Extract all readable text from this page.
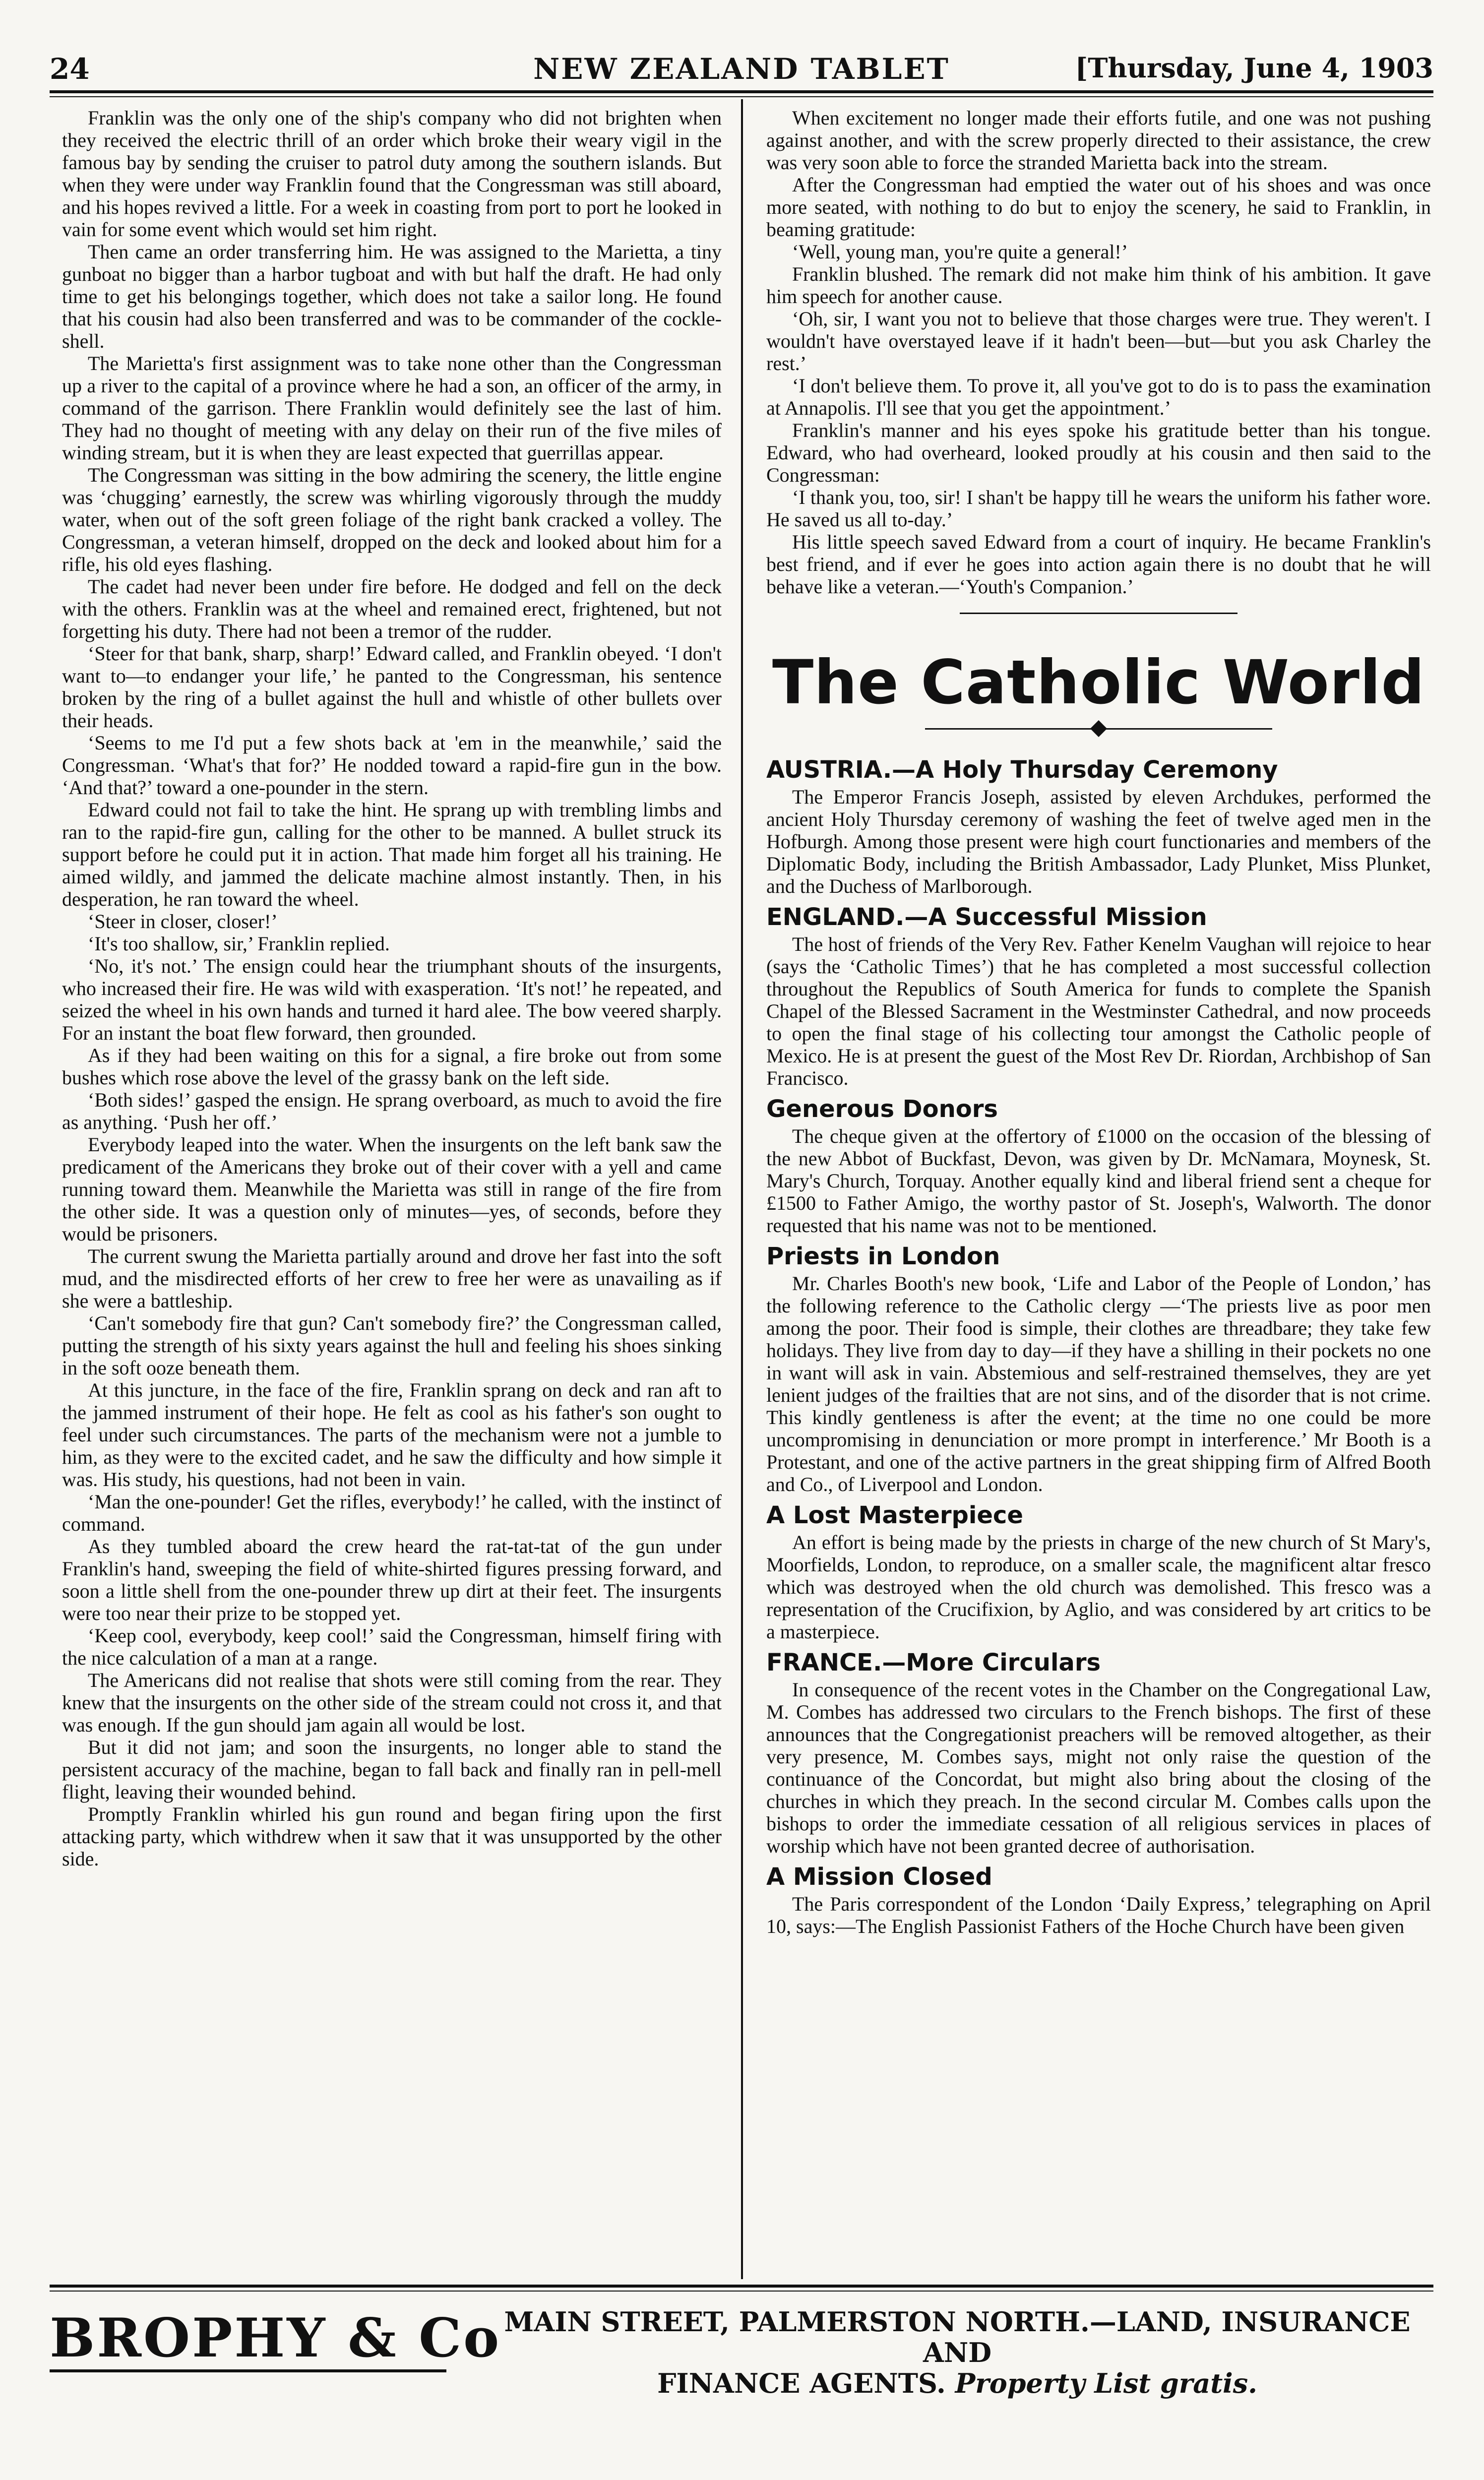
24	NEW ZEALAND TABLET	[Thursday, June 4, 1903

Franklin was the only one of the ship's company who did not brighten when they received the electric thrill of an order which broke their weary vigil in the famous bay by sending the cruiser to patrol duty among the southern islands. But when they were under way Franklin found that the Congressman was still aboard, and his hopes revived a little. For a week in coasting from port to port he looked in vain for some event which would set him right.

Then came an order transferring him. He was assigned to the Marietta, a tiny gunboat no bigger than a harbor tugboat and with but half the draft. He had only time to get his belongings together, which does not take a sailor long. He found that his cousin had also been transferred and was to be commander of the cockle-shell.

The Marietta's first assignment was to take none other than the Congressman up a river to the capital of a province where he had a son, an officer of the army, in command of the garrison. There Franklin would definitely see the last of him. They had no thought of meeting with any delay on their run of the five miles of winding stream, but it is when they are least expected that guerrillas appear.

The Congressman was sitting in the bow admiring the scenery, the little engine was ‘chugging’ earnestly, the screw was whirling vigorously through the muddy water, when out of the soft green foliage of the right bank cracked a volley. The Congressman, a veteran himself, dropped on the deck and looked about him for a rifle, his old eyes flashing.

The cadet had never been under fire before. He dodged and fell on the deck with the others. Franklin was at the wheel and remained erect, frightened, but not forgetting his duty. There had not been a tremor of the rudder.

‘Steer for that bank, sharp, sharp!’ Edward called, and Franklin obeyed. ‘I don't want to—to endanger your life,’ he panted to the Congressman, his sentence broken by the ring of a bullet against the hull and whistle of other bullets over their heads.

‘Seems to me I'd put a few shots back at 'em in the meanwhile,’ said the Congressman. ‘What's that for?’ He nodded toward a rapid-fire gun in the bow. ‘And that?’ toward a one-pounder in the stern.

Edward could not fail to take the hint. He sprang up with trembling limbs and ran to the rapid-fire gun, calling for the other to be manned. A bullet struck its support before he could put it in action. That made him forget all his training. He aimed wildly, and jammed the delicate machine almost instantly. Then, in his desperation, he ran toward the wheel.

‘Steer in closer, closer!’

‘It's too shallow, sir,’ Franklin replied.

‘No, it's not.’ The ensign could hear the triumphant shouts of the insurgents, who increased their fire. He was wild with exasperation. ‘It's not!’ he repeated, and seized the wheel in his own hands and turned it hard alee. The bow veered sharply. For an instant the boat flew forward, then grounded.

As if they had been waiting on this for a signal, a fire broke out from some bushes which rose above the level of the grassy bank on the left side.

‘Both sides!’ gasped the ensign. He sprang overboard, as much to avoid the fire as anything. ‘Push her off.’

Everybody leaped into the water. When the insurgents on the left bank saw the predicament of the Americans they broke out of their cover with a yell and came running toward them. Meanwhile the Marietta was still in range of the fire from the other side. It was a question only of minutes—yes, of seconds, before they would be prisoners.

The current swung the Marietta partially around and drove her fast into the soft mud, and the misdirected efforts of her crew to free her were as unavailing as if she were a battleship.

‘Can't somebody fire that gun? Can't somebody fire?’ the Congressman called, putting the strength of his sixty years against the hull and feeling his shoes sinking in the soft ooze beneath them.

At this juncture, in the face of the fire, Franklin sprang on deck and ran aft to the jammed instrument of their hope. He felt as cool as his father's son ought to feel under such circumstances. The parts of the mechanism were not a jumble to him, as they were to the excited cadet, and he saw the difficulty and how simple it was. His study, his questions, had not been in vain.

‘Man the one-pounder! Get the rifles, everybody!’ he called, with the instinct of command.

As they tumbled aboard the crew heard the rat-tat-tat of the gun under Franklin's hand, sweeping the field of white-shirted figures pressing forward, and soon a little shell from the one-pounder threw up dirt at their feet. The insurgents were too near their prize to be stopped yet.

‘Keep cool, everybody, keep cool!’ said the Congressman, himself firing with the nice calculation of a man at a range.

The Americans did not realise that shots were still coming from the rear. They knew that the insurgents on the other side of the stream could not cross it, and that was enough. If the gun should jam again all would be lost.

But it did not jam; and soon the insurgents, no longer able to stand the persistent accuracy of the machine, began to fall back and finally ran in pell-mell flight, leaving their wounded behind.

Promptly Franklin whirled his gun round and began firing upon the first attacking party, which withdrew when it saw that it was unsupported by the other side.

When excitement no longer made their efforts futile, and one was not pushing against another, and with the screw properly directed to their assistance, the crew was very soon able to force the stranded Marietta back into the stream.

After the Congressman had emptied the water out of his shoes and was once more seated, with nothing to do but to enjoy the scenery, he said to Franklin, in beaming gratitude:

‘Well, young man, you're quite a general!’

Franklin blushed. The remark did not make him think of his ambition. It gave him speech for another cause.

‘Oh, sir, I want you not to believe that those charges were true. They weren't. I wouldn't have overstayed leave if it hadn't been—but—but you ask Charley the rest.’

‘I don't believe them. To prove it, all you've got to do is to pass the examination at Annapolis. I'll see that you get the appointment.’

Franklin's manner and his eyes spoke his gratitude better than his tongue. Edward, who had overheard, looked proudly at his cousin and then said to the Congressman:

‘I thank you, too, sir! I shan't be happy till he wears the uniform his father wore. He saved us all to-day.’

His little speech saved Edward from a court of inquiry. He became Franklin's best friend, and if ever he goes into action again there is no doubt that he will behave like a veteran.—‘Youth's Companion.’

The Catholic World
AUSTRIA.—A Holy Thursday Ceremony

The Emperor Francis Joseph, assisted by eleven Archdukes, performed the ancient Holy Thursday ceremony of washing the feet of twelve aged men in the Hofburgh. Among those present were high court functionaries and members of the Diplomatic Body, including the British Ambassador, Lady Plunket, Miss Plunket, and the Duchess of Marlborough.

ENGLAND.—A Successful Mission

The host of friends of the Very Rev. Father Kenelm Vaughan will rejoice to hear (says the ‘Catholic Times’) that he has completed a most successful collection throughout the Republics of South America for funds to complete the Spanish Chapel of the Blessed Sacrament in the Westminster Cathedral, and now proceeds to open the final stage of his collecting tour amongst the Catholic people of Mexico. He is at present the guest of the Most Rev Dr. Riordan, Archbishop of San Francisco.

Generous Donors

The cheque given at the offertory of £1000 on the occasion of the blessing of the new Abbot of Buckfast, Devon, was given by Dr. McNamara, Moynesk, St. Mary's Church, Torquay. Another equally kind and liberal friend sent a cheque for £1500 to Father Amigo, the worthy pastor of St. Joseph's, Walworth. The donor requested that his name was not to be mentioned.

Priests in London

Mr. Charles Booth's new book, ‘Life and Labor of the People of London,’ has the following reference to the Catholic clergy —‘The priests live as poor men among the poor. Their food is simple, their clothes are threadbare; they take few holidays. They live from day to day—if they have a shilling in their pockets no one in want will ask in vain. Abstemious and self-restrained themselves, they are yet lenient judges of the frailties that are not sins, and of the disorder that is not crime. This kindly gentleness is after the event; at the time no one could be more uncompromising in denunciation or more prompt in interference.’ Mr Booth is a Protestant, and one of the active partners in the great shipping firm of Alfred Booth and Co., of Liverpool and London.

A Lost Masterpiece

An effort is being made by the priests in charge of the new church of St Mary's, Moorfields, London, to reproduce, on a smaller scale, the magnificent altar fresco which was destroyed when the old church was demolished. This fresco was a representation of the Crucifixion, by Aglio, and was considered by art critics to be a masterpiece.

FRANCE.—More Circulars

In consequence of the recent votes in the Chamber on the Congregational Law, M. Combes has addressed two circulars to the French bishops. The first of these announces that the Congregationist preachers will be removed altogether, as their very presence, M. Combes says, might not only raise the question of the continuance of the Concordat, but might also bring about the closing of the churches in which they preach. In the second circular M. Combes calls upon the bishops to order the immediate cessation of all religious services in places of worship which have not been granted decree of authorisation.

A Mission Closed

The Paris correspondent of the London ‘Daily Express,’ telegraphing on April 10, says:—The English Passionist Fathers of the Hoche Church have been given

BROPHY & Co MAIN STREET, PALMERSTON NORTH.—LAND, INSURANCE AND
FINANCE AGENTS. Property List gratis.
